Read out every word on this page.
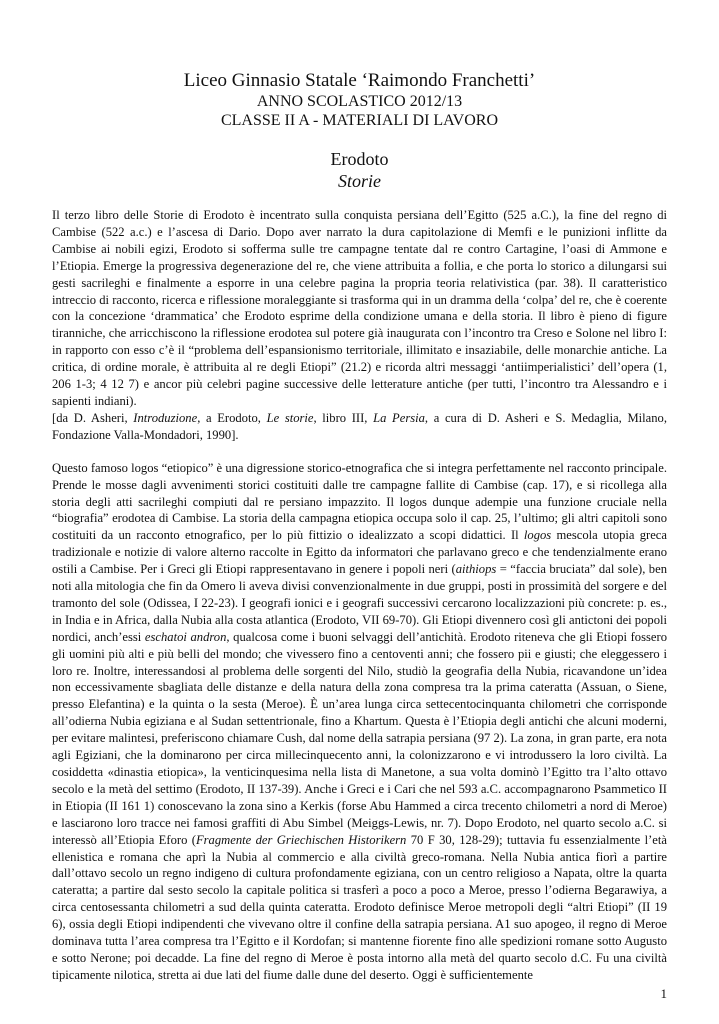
Liceo Ginnasio Statale ‘Raimondo Franchetti’
ANNO SCOLASTICO 2012/13
CLASSE II A - MATERIALI DI LAVORO
Erodoto
Storie

Il terzo libro delle Storie di Erodoto è incentrato sulla conquista persiana dell’Egitto (525 a.C.), la fine del regno di Cambise (522 a.c.) e l’ascesa di Dario. Dopo aver narrato la dura capitolazione di Memfi e le punizioni inflitte da Cambise ai nobili egizi, Erodoto si sofferma sulle tre campagne tentate dal re contro Cartagine, l’oasi di Ammone e l’Etiopia. Emerge la progressiva degenerazione del re, che viene attribuita a follia, e che porta lo storico a dilungarsi sui gesti sacrileghi e finalmente a esporre in una celebre pagina la propria teoria relativistica (par. 38). Il caratteristico intreccio di racconto, ricerca e riflessione moraleggiante si trasforma qui in un dramma della ‘colpa’ del re, che è coerente con la concezione ‘drammatica’ che Erodoto esprime della condizione umana e della storia. Il libro è pieno di figure tiranniche, che arricchiscono la riflessione erodotea sul potere già inaugurata con l’incontro tra Creso e Solone nel libro I: in rapporto con esso c’è il “problema dell’espansionismo territoriale, illimitato e insaziabile, delle monarchie antiche. La critica, di ordine morale, è attribuita al re degli Etiopi” (21.2) e ricorda altri messaggi ‘antiimperialistici’ dell’opera (1, 206 1-3; 4 12 7) e ancor più celebri pagine successive delle letterature antiche (per tutti, l’incontro tra Alessandro e i sapienti indiani).
[da D. Asheri, Introduzione, a Erodoto, Le storie, libro III, La Persia, a cura di D. Asheri e S. Medaglia, Milano, Fondazione Valla-Mondadori, 1990].

Questo famoso logos “etiopico” è una digressione storico-etnografica che si integra perfettamente nel racconto principale. Prende le mosse dagli avvenimenti storici costituiti dalle tre campagne fallite di Cambise (cap. 17), e si ricollega alla storia degli atti sacrileghi compiuti dal re persiano impazzito. Il logos dunque adempie una funzione cruciale nella “biografia” erodotea di Cambise. La storia della campagna etiopica occupa solo il cap. 25, l’ultimo; gli altri capitoli sono costituiti da un racconto etnografico, per lo più fittizio o idealizzato a scopi didattici. Il logos mescola utopia greca tradizionale e notizie di valore alterno raccolte in Egitto da informatori che parlavano greco e che tendenzialmente erano ostili a Cambise. Per i Greci gli Etiopi rappresentavano in genere i popoli neri (aithiops = “faccia bruciata” dal sole), ben noti alla mitologia che fin da Omero li aveva divisi convenzionalmente in due gruppi, posti in prossimità del sorgere e del tramonto del sole (Odissea, I 22-23). I geografi ionici e i geografi successivi cercarono localizzazioni più concrete: p. es., in India e in Africa, dalla Nubia alla costa atlantica (Erodoto, VII 69-70). Gli Etiopi divennero così gli antictoni dei popoli nordici, anch’essi eschatoi andron, qualcosa come i buoni selvaggi dell’antichità. Erodoto riteneva che gli Etiopi fossero gli uomini più alti e più belli del mondo; che vivessero fino a centoventi anni; che fossero pii e giusti; che eleggessero i loro re. Inoltre, interessandosi al problema delle sorgenti del Nilo, studiò la geografia della Nubia, ricavandone un’idea non eccessivamente sbagliata delle distanze e della natura della zona compresa tra la prima cateratta (Assuan, o Siene, presso Elefantina) e la quinta o la sesta (Meroe). È un’area lunga circa settecentocinquanta chilometri che corrisponde all’odierna Nubia egiziana e al Sudan settentrionale, fino a Khartum. Questa è l’Etiopia degli antichi che alcuni moderni, per evitare malintesi, preferiscono chiamare Cush, dal nome della satrapia persiana (97 2). La zona, in gran parte, era nota agli Egiziani, che la dominarono per circa millecinquecento anni, la colonizzarono e vi introdussero la loro civiltà. La cosiddetta «dinastia etiopica», la venticinquesima nella lista di Manetone, a sua volta dominò l’Egitto tra l’alto ottavo secolo e la metà del settimo (Erodoto, II 137-39). Anche i Greci e i Cari che nel 593 a.C. accompagnarono Psammetico II in Etiopia (II 161 1) conoscevano la zona sino a Kerkis (forse Abu Hammed a circa trecento chilometri a nord di Meroe) e lasciarono loro tracce nei famosi graffiti di Abu Simbel (Meiggs-Lewis, nr. 7). Dopo Erodoto, nel quarto secolo a.C. si interessò all’Etiopia Eforo (Fragmente der Griechischen Historikern 70 F 30, 128-29); tuttavia fu essenzialmente l’età ellenistica e romana che aprì la Nubia al commercio e alla civiltà greco-romana. Nella Nubia antica fiorì a partire dall’ottavo secolo un regno indigeno di cultura profondamente egiziana, con un centro religioso a Napata, oltre la quarta cateratta; a partire dal sesto secolo la capitale politica si trasferì a poco a poco a Meroe, presso l’odierna Begarawiya, a circa centosessanta chilometri a sud della quinta cateratta. Erodoto definisce Meroe metropoli degli “altri Etiopi” (II 19 6), ossia degli Etiopi indipendenti che vivevano oltre il confine della satrapia persiana. A1 suo apogeo, il regno di Meroe dominava tutta l’area compresa tra l’Egitto e il Kordofan; si mantenne fiorente fino alle spedizioni romane sotto Augusto e sotto Nerone; poi decadde. La fine del regno di Meroe è posta intorno alla metà del quarto secolo d.C. Fu una civiltà tipicamente nilotica, stretta ai due lati del fiume dalle dune del deserto. Oggi è sufficientemente

1
